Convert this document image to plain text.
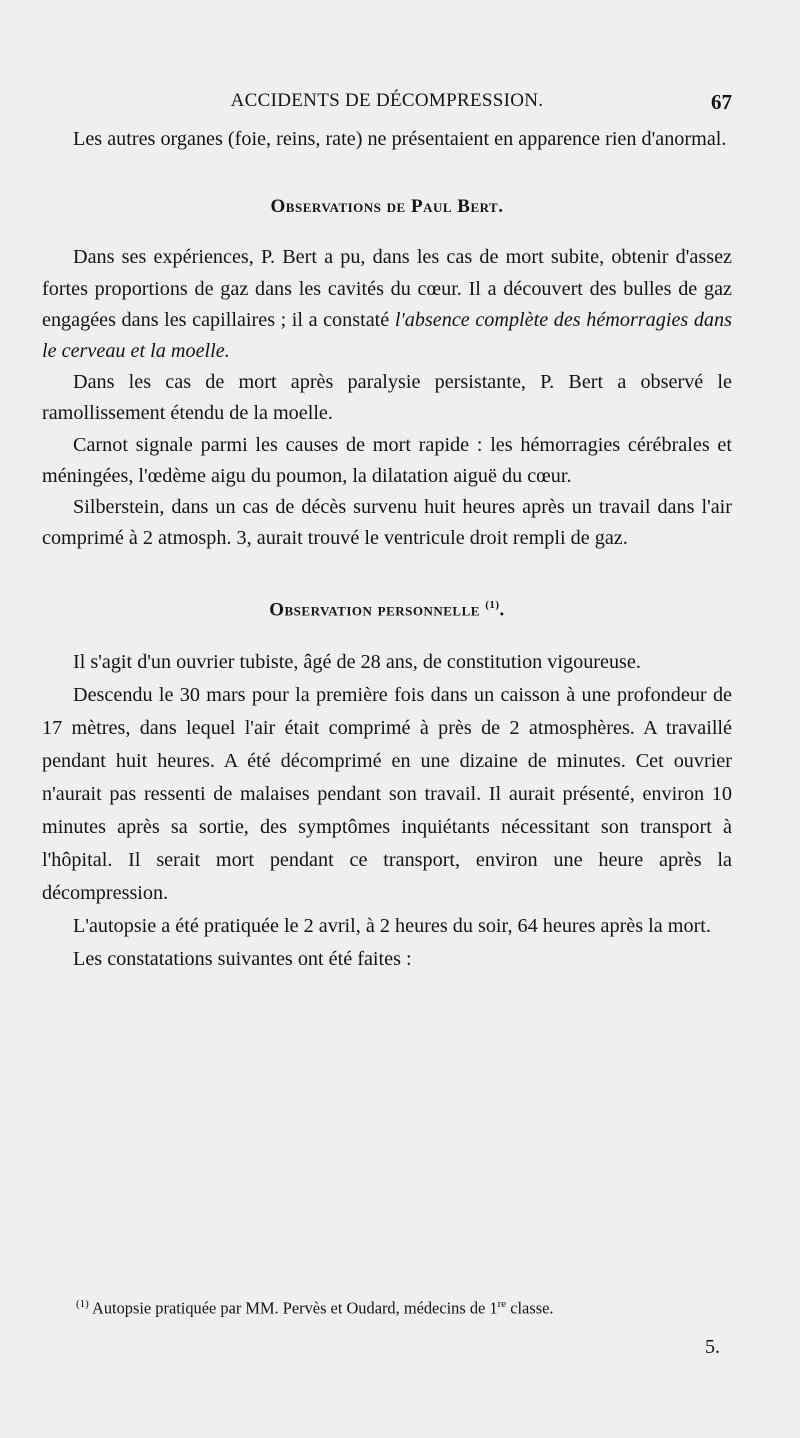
ACCIDENTS DE DÉCOMPRESSION.	67

Les autres organes (foie, reins, rate) ne présentaient en apparence rien d'anormal.

Observations de Paul Bert.

Dans ses expériences, P. Bert a pu, dans les cas de mort subite, obtenir d'assez fortes proportions de gaz dans les cavités du cœur. Il a découvert des bulles de gaz engagées dans les capillaires ; il a constaté l'absence complète des hémorragies dans le cerveau et la moelle.

Dans les cas de mort après paralysie persistante, P. Bert a observé le ramollissement étendu de la moelle.

Carnot signale parmi les causes de mort rapide : les hémorragies cérébrales et méningées, l'œdème aigu du poumon, la dilatation aiguë du cœur.

Silberstein, dans un cas de décès survenu huit heures après un travail dans l'air comprimé à 2 atmosph. 3, aurait trouvé le ventricule droit rempli de gaz.

Observation personnelle $^{(1)}$.

Il s'agit d'un ouvrier tubiste, âgé de 28 ans, de constitution vigoureuse.

Descendu le 30 mars pour la première fois dans un caisson à une profondeur de 17 mètres, dans lequel l'air était comprimé à près de 2 atmosphères. A travaillé pendant huit heures. A été décomprimé en une dizaine de minutes. Cet ouvrier n'aurait pas ressenti de malaises pendant son travail. Il aurait présenté, environ 10 minutes après sa sortie, des symptômes inquiétants nécessitant son transport à l'hôpital. Il serait mort pendant ce transport, environ une heure après la décompression.

L'autopsie a été pratiquée le 2 avril, à 2 heures du soir, 64 heures après la mort.

Les constatations suivantes ont été faites :

$^{(1)}$ Autopsie pratiquée par MM. Pervès et Oudard, médecins de 1re classe.
5.
